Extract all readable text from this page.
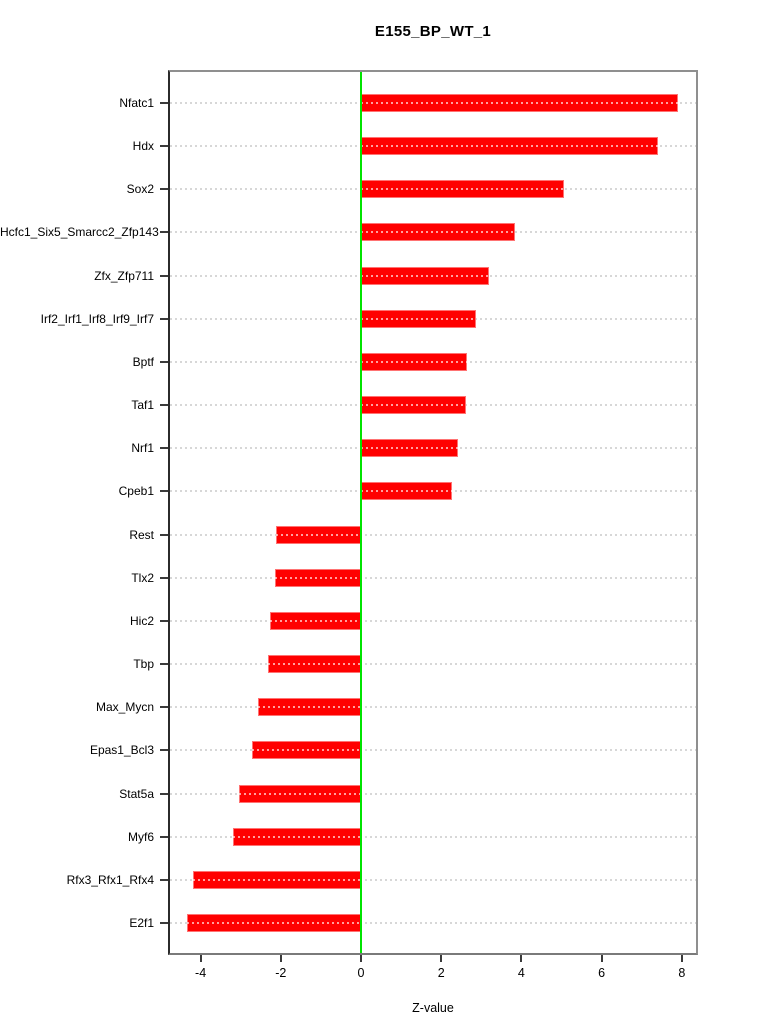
E155_BP_WT_1
Nfatc1
Hdx
Sox2
Hcfc1_Six5_Smarcc2_Zfp143
Zfx_Zfp711
Irf2_Irf1_Irf8_Irf9_Irf7
Bptf
Taf1
Nrf1
Cpeb1
Rest
Tlx2
Hic2
Tbp
Max_Mycn
Epas1_Bcl3
Stat5a
Myf6
Rfx3_Rfx1_Rfx4
E2f1
-4	-2	0	2	4	6	8
Z-value
